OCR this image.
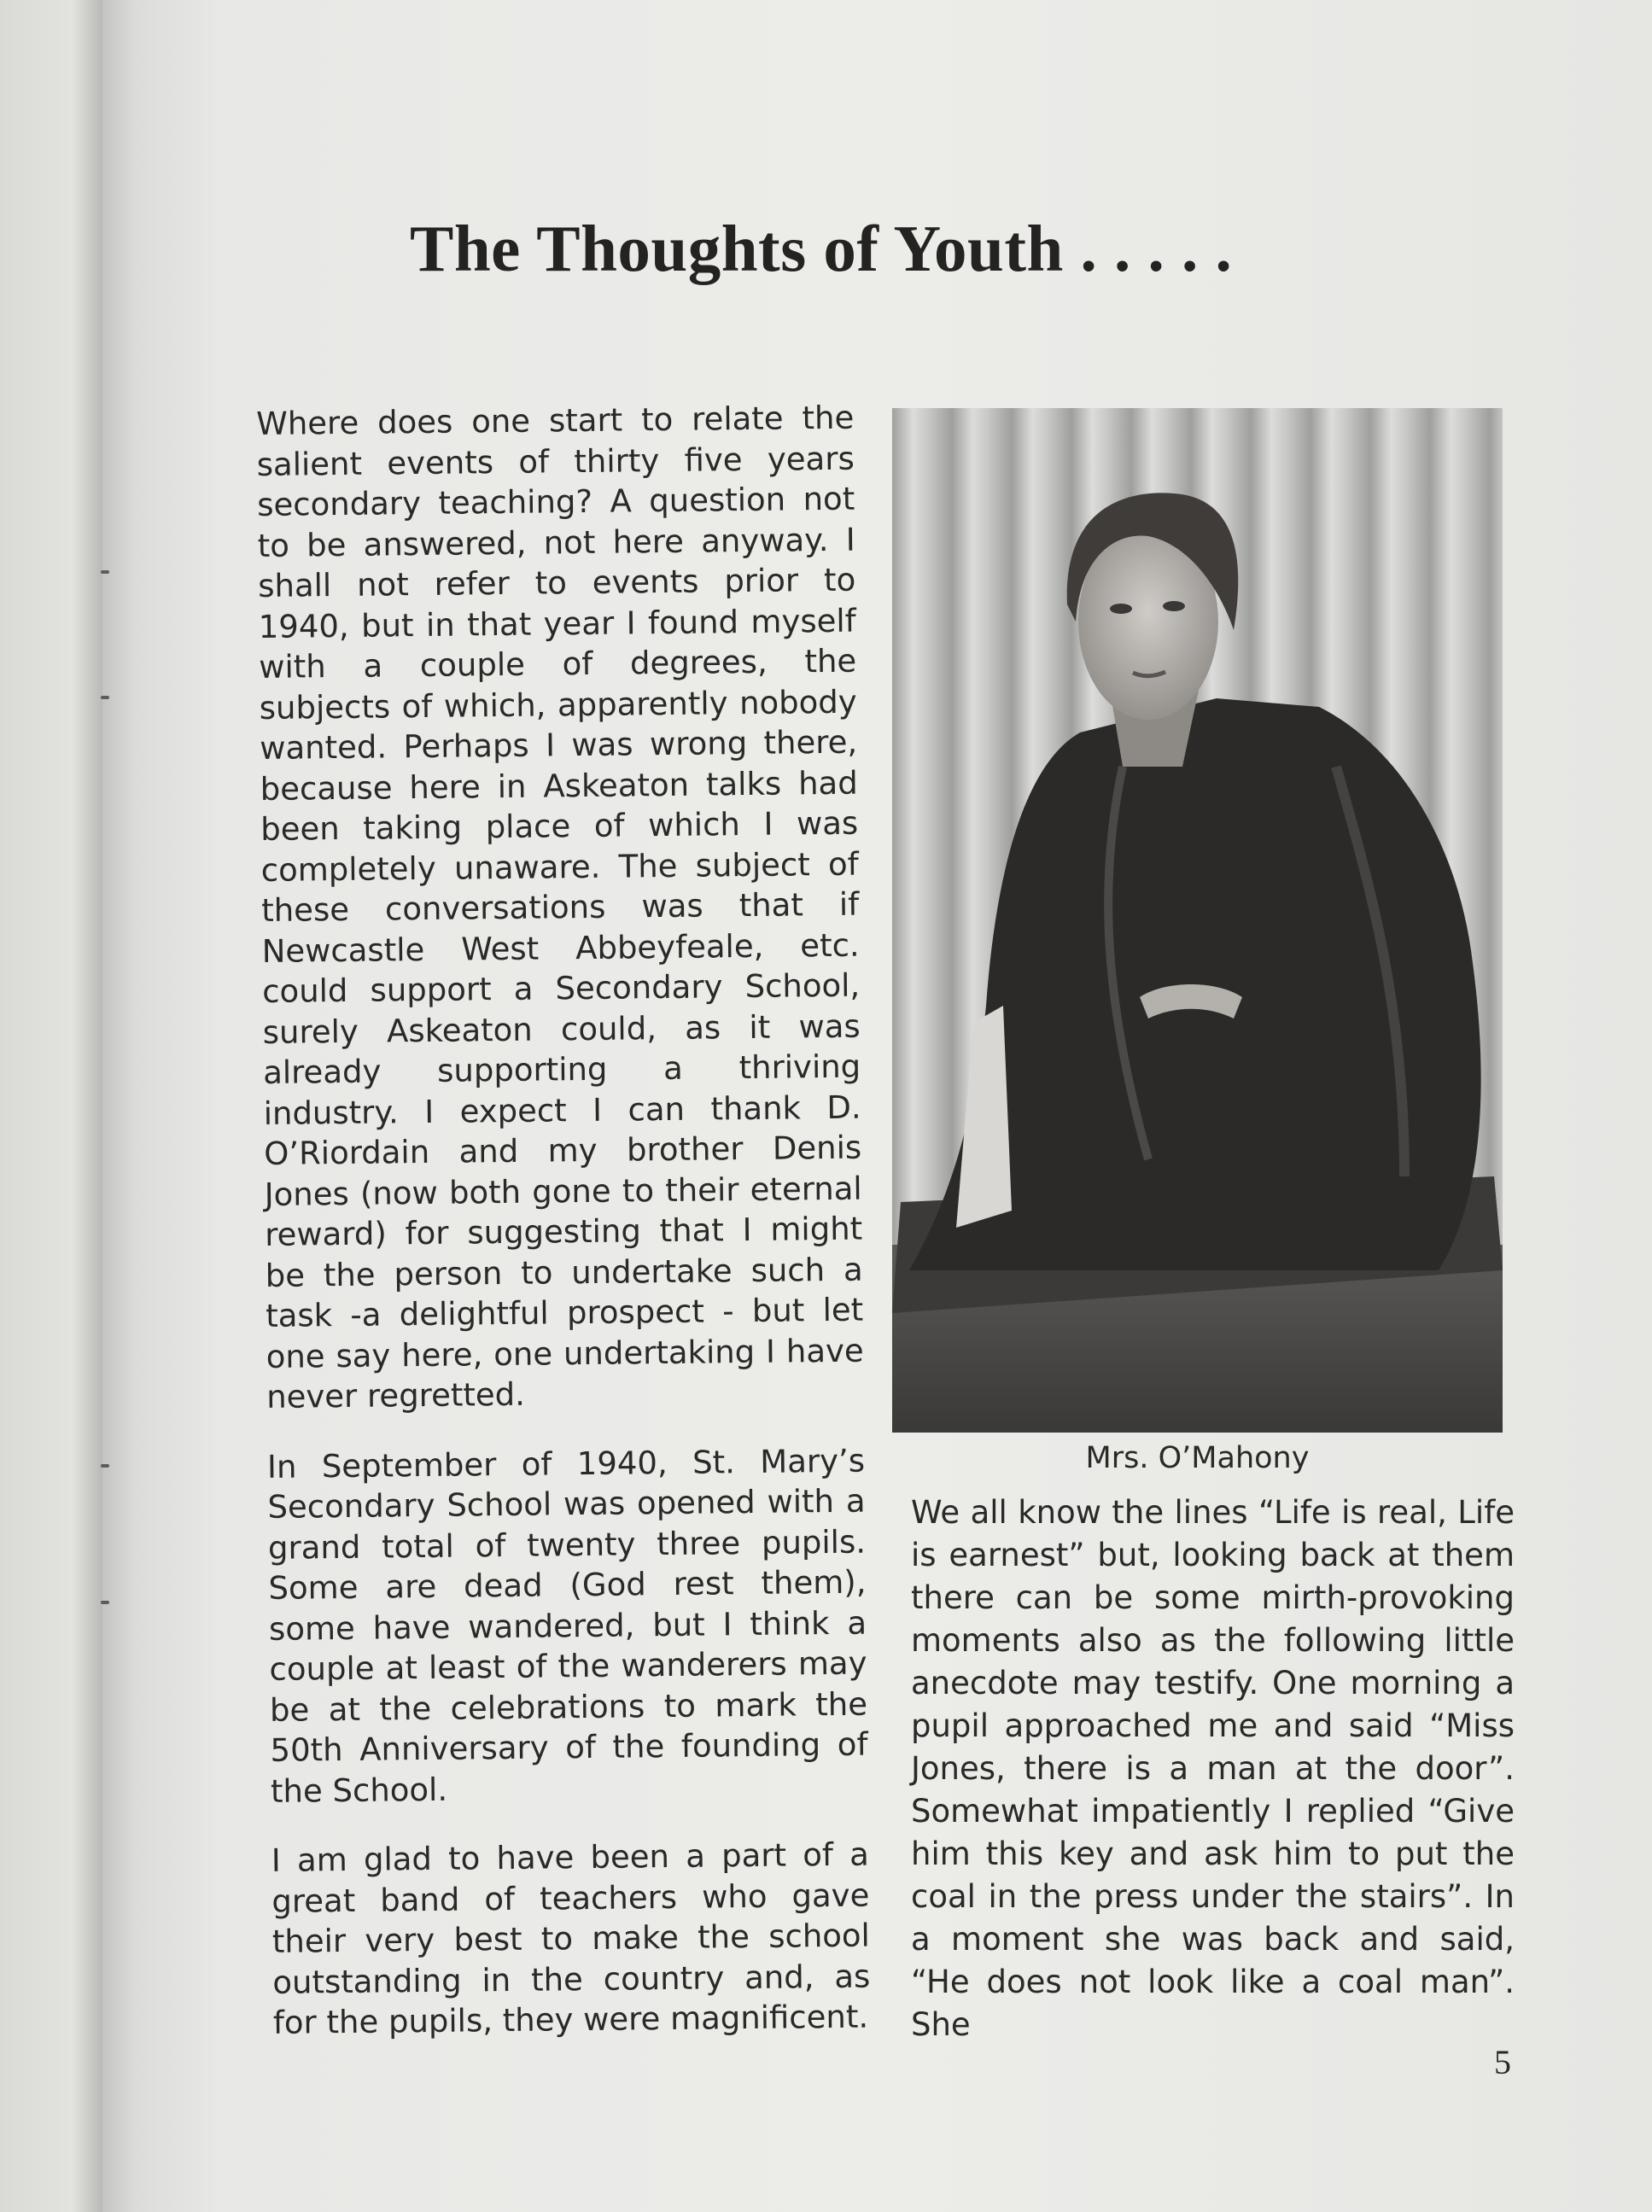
The Thoughts of Youth . . . . .

Where does one start to relate the salient events of thirty five years secondary teaching? A question not to be answered, not here anyway. I shall not refer to events prior to 1940, but in that year I found myself with a couple of degrees, the subjects of which, apparently nobody wanted. Perhaps I was wrong there, because here in Askeaton talks had been taking place of which I was completely unaware. The subject of these conversations was that if Newcastle West Abbeyfeale, etc. could support a Secondary School, surely Askeaton could, as it was already supporting a thriving industry. I expect I can thank D. O’Riordain and my brother Denis Jones (now both gone to their eternal reward) for suggesting that I might be the person to undertake such a task -a delightful prospect - but let one say here, one undertaking I have never regretted.

In September of 1940, St. Mary’s Secondary School was opened with a grand total of twenty three pupils. Some are dead (God rest them), some have wandered, but I think a couple at least of the wanderers may be at the celebrations to mark the 50th Anniversary of the founding of the School.

I am glad to have been a part of a great band of teachers who gave their very best to make the school outstanding in the country and, as for the pupils, they were magnificent.

Mrs. O’Mahony

We all know the lines “Life is real, Life is earnest” but, looking back at them there can be some mirth-provoking moments also as the following little anecdote may testify. One morning a pupil approached me and said “Miss Jones, there is a man at the door”. Somewhat impatiently I replied “Give him this key and ask him to put the coal in the press under the stairs”. In a moment she was back and said, “He does not look like a coal man”. She

5
